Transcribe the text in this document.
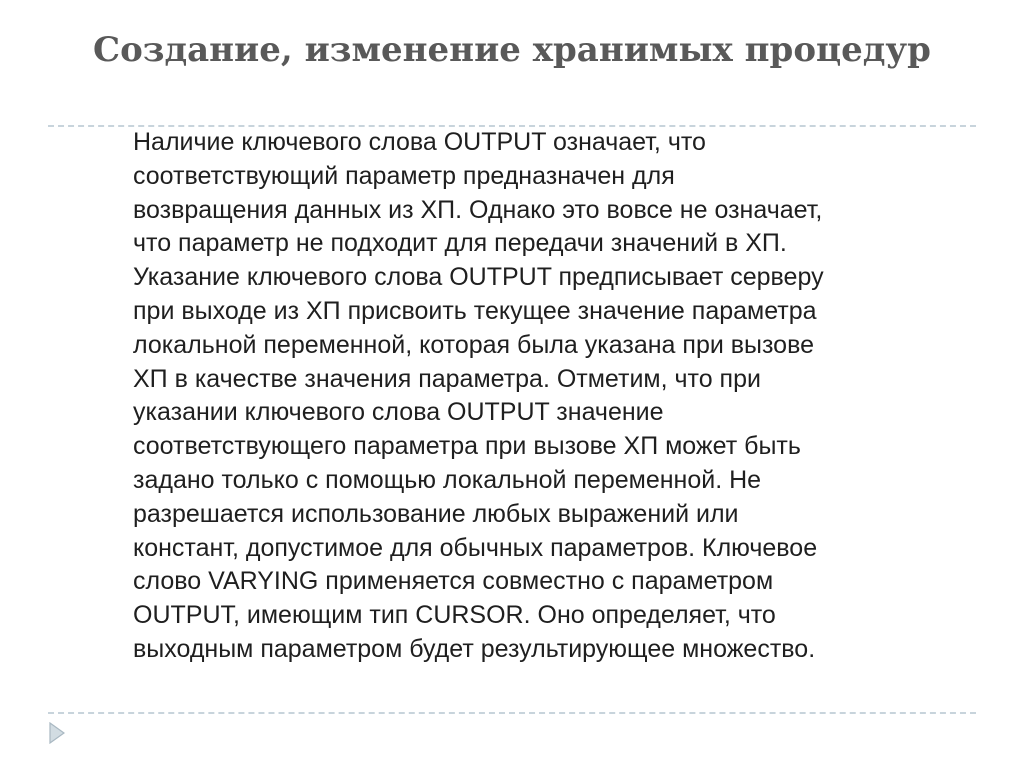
Создание, изменение хранимых процедур
Наличие ключевого слова OUTPUT означает, что
соответствующий параметр предназначен для
возвращения данных из ХП. Однако это вовсе не означает,
что параметр не подходит для передачи значений в ХП.
Указание ключевого слова OUTPUT предписывает серверу
при выходе из ХП присвоить текущее значение параметра
локальной переменной, которая была указана при вызове
ХП в качестве значения параметра. Отметим, что при
указании ключевого слова OUTPUT значение
соответствующего параметра при вызове ХП может быть
задано только с помощью локальной переменной. Не
разрешается использование любых выражений или
констант, допустимое для обычных параметров. Ключевое
слово VARYING применяется совместно с параметром
OUTPUT, имеющим тип CURSOR. Оно определяет, что
выходным параметром будет результирующее множество.
